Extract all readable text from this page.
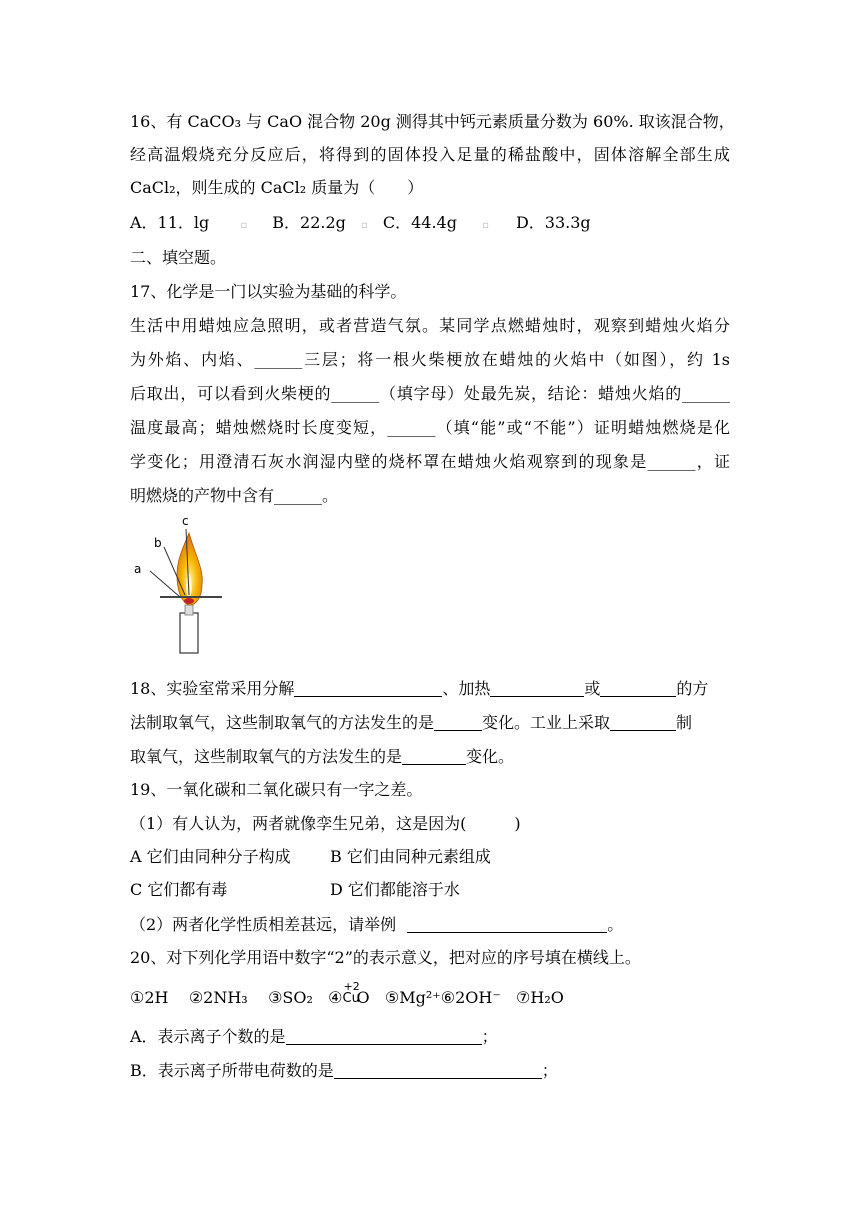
16、有 CaCO₃ 与 CaO 混合物 20g 测得其中钙元素质量分数为 60%. 取该混合物，
经高温煅烧充分反应后，将得到的固体投入足量的稀盐酸中，固体溶解全部生成
CaCl₂，则生成的 CaCl₂ 质量为（　　）
A．11．lg	▫ B．22.2g ▫ C．44.4g	▫ D．33.3g
二、填空题。
17、化学是一门以实验为基础的科学。
生活中用蜡烛应急照明，或者营造气氛。某同学点燃蜡烛时，观察到蜡烛火焰分
为外焰、内焰、______三层；将一根火柴梗放在蜡烛的火焰中（如图），约 1s
后取出，可以看到火柴梗的______（填字母）处最先炭，结论：蜡烛火焰的______
温度最高；蜡烛燃烧时长度变短，______（填“能”或“不能”）证明蜡烛燃烧是化
学变化；用澄清石灰水润湿内壁的烧杯罩在蜡烛火焰观察到的现象是______，证
明燃烧的产物中含有______。
a
b
c
18、实验室常采用分解	、加热	或	的方
法制取氧气，这些制取氧气的方法发生的是	变化。工业上采取	制
取氧气，这些制取氧气的方法发生的是	变化。
19、一氧化碳和二氧化碳只有一字之差。
（1）有人认为，两者就像孪生兄弟，这是因为(　　　)
A 它们由同种分子构成 B 它们由同种元素组成
C 它们都有毒	D 它们都能溶于水
（2）两者化学性质相差甚远，请举例	。
20、对下列化学用语中数字“2”的表示意义，把对应的序号填在横线上。
①2H ②2NH₃ ③SO₂ ④
+2
Cu
O ⑤Mg²⁺⑥2OH⁻ ⑦H₂O
A．表示离子个数的是	；
B．表示离子所带电荷数的是	；
